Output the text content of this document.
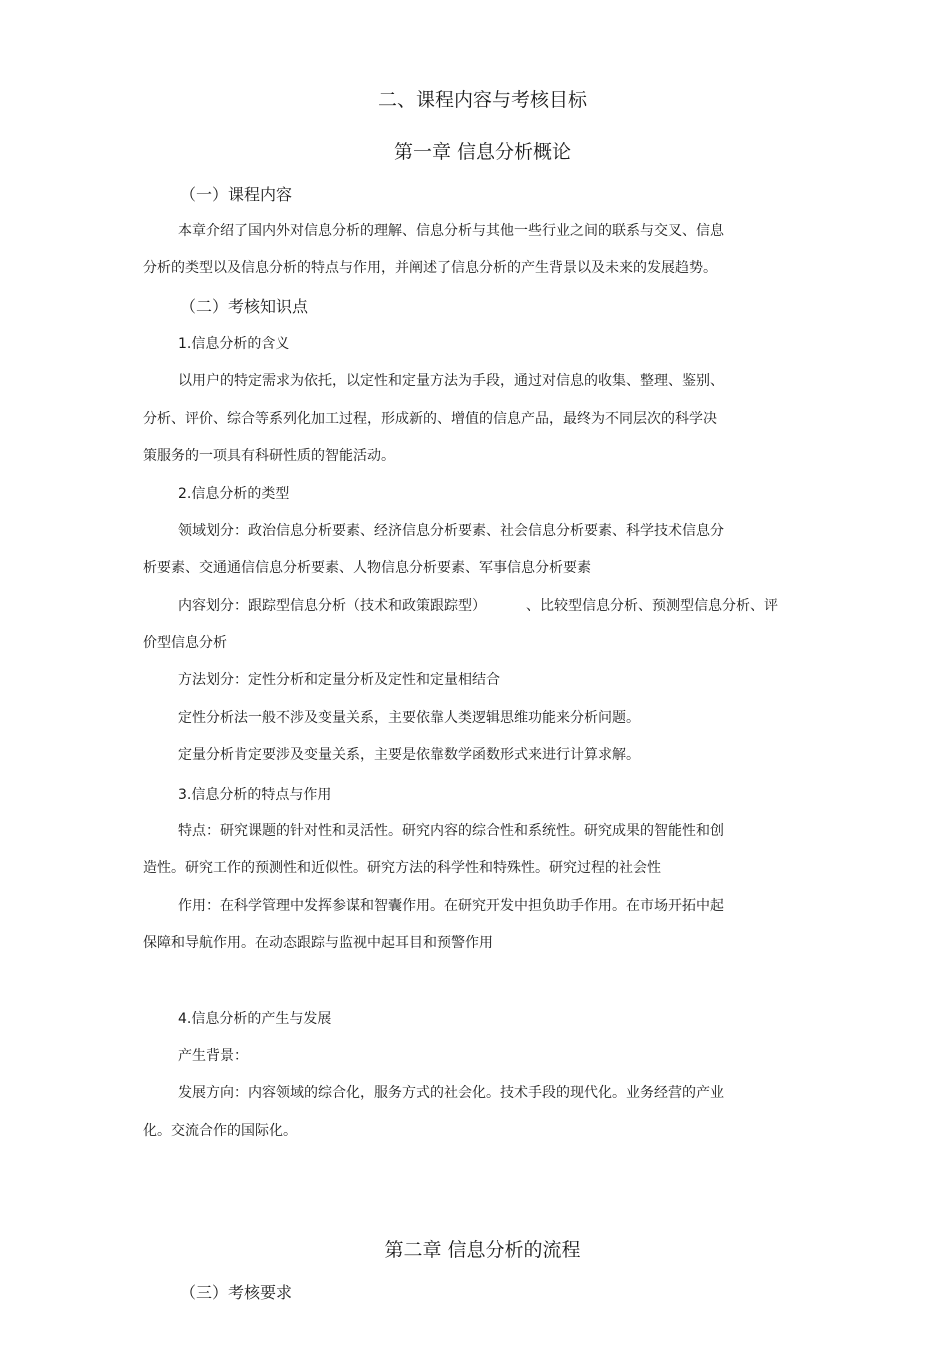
二、课程内容与考核目标
第一章 信息分析概论
（一）课程内容
本章介绍了国内外对信息分析的理解、信息分析与其他一些行业之间的联系与交叉、信息
分析的类型以及信息分析的特点与作用，并阐述了信息分析的产生背景以及未来的发展趋势。
（二）考核知识点
1.信息分析的含义
以用户的特定需求为依托，以定性和定量方法为手段，通过对信息的收集、整理、鉴别、
分析、评价、综合等系列化加工过程，形成新的、增值的信息产品，最终为不同层次的科学决
策服务的一项具有科研性质的智能活动。
2.信息分析的类型
领域划分：政治信息分析要素、经济信息分析要素、社会信息分析要素、科学技术信息分
析要素、交通通信信息分析要素、人物信息分析要素、军事信息分析要素
内容划分：跟踪型信息分析（技术和政策跟踪型）	、比较型信息分析、预测型信息分析、评
价型信息分析
方法划分：定性分析和定量分析及定性和定量相结合
定性分析法一般不涉及变量关系，主要依靠人类逻辑思维功能来分析问题。
定量分析肯定要涉及变量关系，主要是依靠数学函数形式来进行计算求解。
3.信息分析的特点与作用
特点：研究课题的针对性和灵活性。研究内容的综合性和系统性。研究成果的智能性和创
造性。研究工作的预测性和近似性。研究方法的科学性和特殊性。研究过程的社会性
作用：在科学管理中发挥参谋和智囊作用。在研究开发中担负助手作用。在市场开拓中起
保障和导航作用。在动态跟踪与监视中起耳目和预警作用
4.信息分析的产生与发展
产生背景：
发展方向：内容领域的综合化，服务方式的社会化。技术手段的现代化。业务经营的产业
化。交流合作的国际化。
第二章 信息分析的流程
（三）考核要求
